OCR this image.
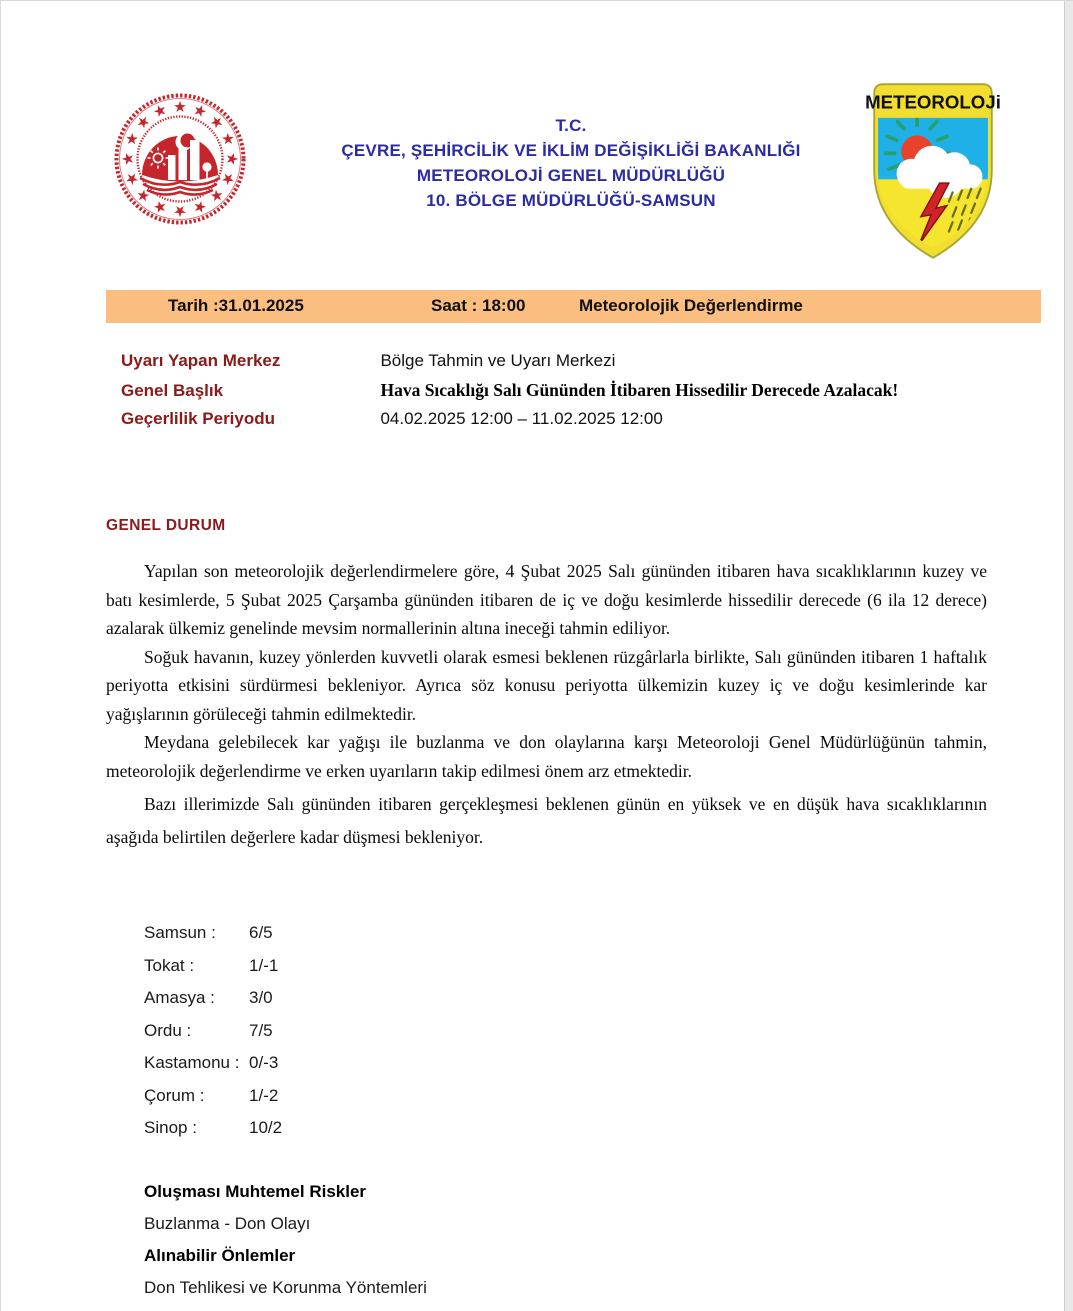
T.C.
ÇEVRE, ŞEHİRCİLİK VE İKLİM DEĞİŞİKLİĞİ BAKANLIĞI
METEOROLOJİ GENEL MÜDÜRLÜĞÜ
10. BÖLGE MÜDÜRLÜĞÜ-SAMSUN
METEOROLOJi
Tarih :31.01.2025	Saat : 18:00	Meteorolojik Değerlendirme
Uyarı Yapan Merkez	Bölge Tahmin ve Uyarı Merkezi
Genel Başlık	Hava Sıcaklığı Salı Gününden İtibaren Hissedilir Derecede Azalacak!
Geçerlilik Periyodu	04.02.2025 12:00 – 11.02.2025 12:00
GENEL DURUM

Yapılan son meteorolojik değerlendirmelere göre, 4 Şubat 2025 Salı gününden itibaren hava sıcaklıklarının kuzey ve batı kesimlerde, 5 Şubat 2025 Çarşamba gününden itibaren de iç ve doğu kesimlerde hissedilir derecede (6 ila 12 derece) azalarak ülkemiz genelinde mevsim normallerinin altına ineceği tahmin ediliyor.

Soğuk havanın, kuzey yönlerden kuvvetli olarak esmesi beklenen rüzgârlarla birlikte, Salı gününden itibaren 1 haftalık periyotta etkisini sürdürmesi bekleniyor. Ayrıca söz konusu periyotta ülkemizin kuzey iç ve doğu kesimlerinde kar yağışlarının görüleceği tahmin edilmektedir.

Meydana gelebilecek kar yağışı ile buzlanma ve don olaylarına karşı Meteoroloji Genel Müdürlüğünün tahmin, meteorolojik değerlendirme ve erken uyarıların takip edilmesi önem arz etmektedir.

Bazı illerimizde Salı gününden itibaren gerçekleşmesi beklenen günün en yüksek ve en düşük hava sıcaklıklarının aşağıda belirtilen değerlere kadar düşmesi bekleniyor.

Samsun :	6/5
Tokat :	1/-1
Amasya :	3/0
Ordu :	7/5
Kastamonu : 0/-3
Çorum :	1/-2
Sinop :	10/2
Oluşması Muhtemel Riskler
Buzlanma - Don Olayı
Alınabilir Önlemler
Don Tehlikesi ve Korunma Yöntemleri
